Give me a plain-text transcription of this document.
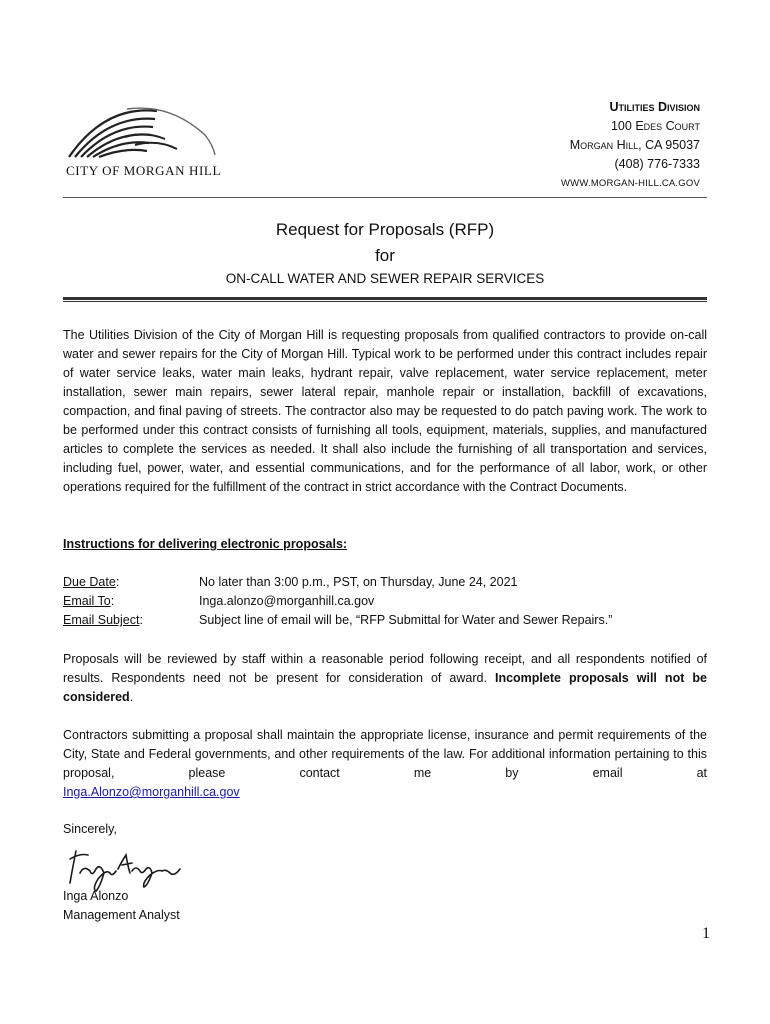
CITY OF MORGAN HILL
Utilities Division
100 Edes Court
Morgan Hill, CA 95037
(408) 776-7333
WWW.MORGAN-HILL.CA.GOV
Request for Proposals (RFP)
for
ON-CALL WATER AND SEWER REPAIR SERVICES
The Utilities Division of the City of Morgan Hill is requesting proposals from qualified contractors to provide on-call water and sewer repairs for the City of Morgan Hill. Typical work to be performed under this contract includes repair of water service leaks, water main leaks, hydrant repair, valve replacement, water service replacement, meter installation, sewer main repairs, sewer lateral repair, manhole repair or installation, backfill of excavations, compaction, and final paving of streets. The contractor also may be requested to do patch paving work. The work to be performed under this contract consists of furnishing all tools, equipment, materials, supplies, and manufactured articles to complete the services as needed. It shall also include the furnishing of all transportation and services, including fuel, power, water, and essential communications, and for the performance of all labor, work, or other operations required for the fulfillment of the contract in strict accordance with the Contract Documents.
Instructions for delivering electronic proposals:
Due Date:	No later than 3:00 p.m., PST, on Thursday, June 24, 2021
Email To:	Inga.alonzo@morganhill.ca.gov
Email Subject:	Subject line of email will be, “RFP Submittal for Water and Sewer Repairs.”
Proposals will be reviewed by staff within a reasonable period following receipt, and all respondents notified of results. Respondents need not be present for consideration of award. Incomplete proposals will not be considered.
Contractors submitting a proposal shall maintain the appropriate license, insurance and permit requirements of the City, State and Federal governments, and other requirements of the law. For additional information pertaining to this proposal, please contact me by email at
Inga.Alonzo@morganhill.ca.gov
Sincerely,
Inga Alonzo
Management Analyst
1
